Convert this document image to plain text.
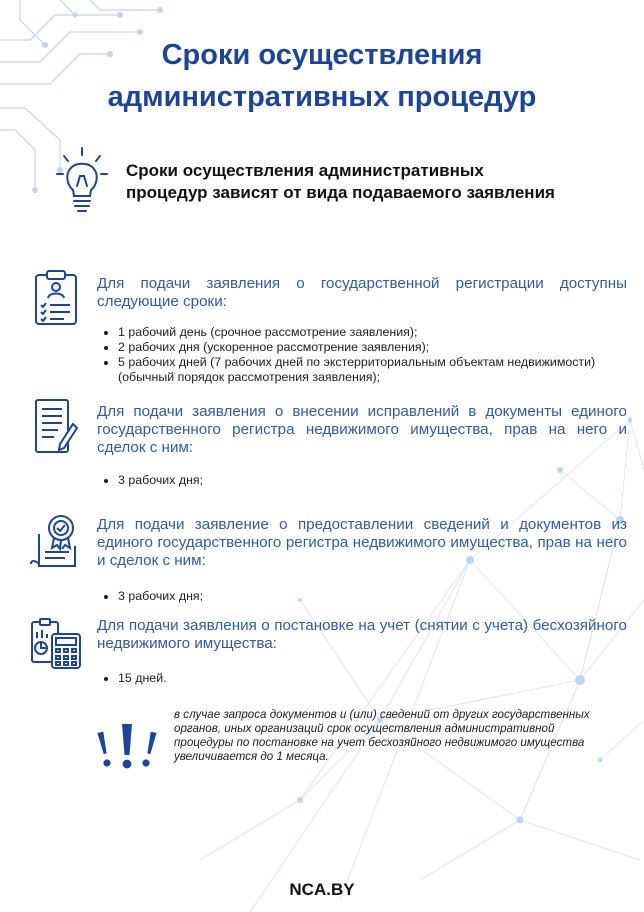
Сроки осуществления
административных процедур

Сроки осуществления административных
процедур зависят от вида подаваемого заявления

Для подачи заявления о государственной регистрации доступны следующие сроки:

• 1 рабочий день (срочное рассмотрение заявления);
• 2 рабочих дня (ускоренное рассмотрение заявления);
• 5 рабочих дней (7 рабочих дней по экстерриториальным объектам недвижимости) (обычный порядок рассмотрения заявления);

Для подачи заявления о внесении исправлений в документы единого государственного регистра недвижимого имущества, прав на него и сделок с ним:

• 3 рабочих дня;

Для подачи заявление о предоставлении сведений и документов из единого государственного регистра недвижимого имущества, прав на него и сделок с ним:

• 3 рабочих дня;

Для подачи заявления о постановке на учет (снятии с учета) бесхозяйного недвижимого имущества:

• 15 дней.

в случае запроса документов и (или) сведений от других государственных органов, иных организаций срок осуществления административной процедуры по постановке на учет бесхозяйного недвижимого имущества увеличивается до 1 месяца.

NCA.BY
